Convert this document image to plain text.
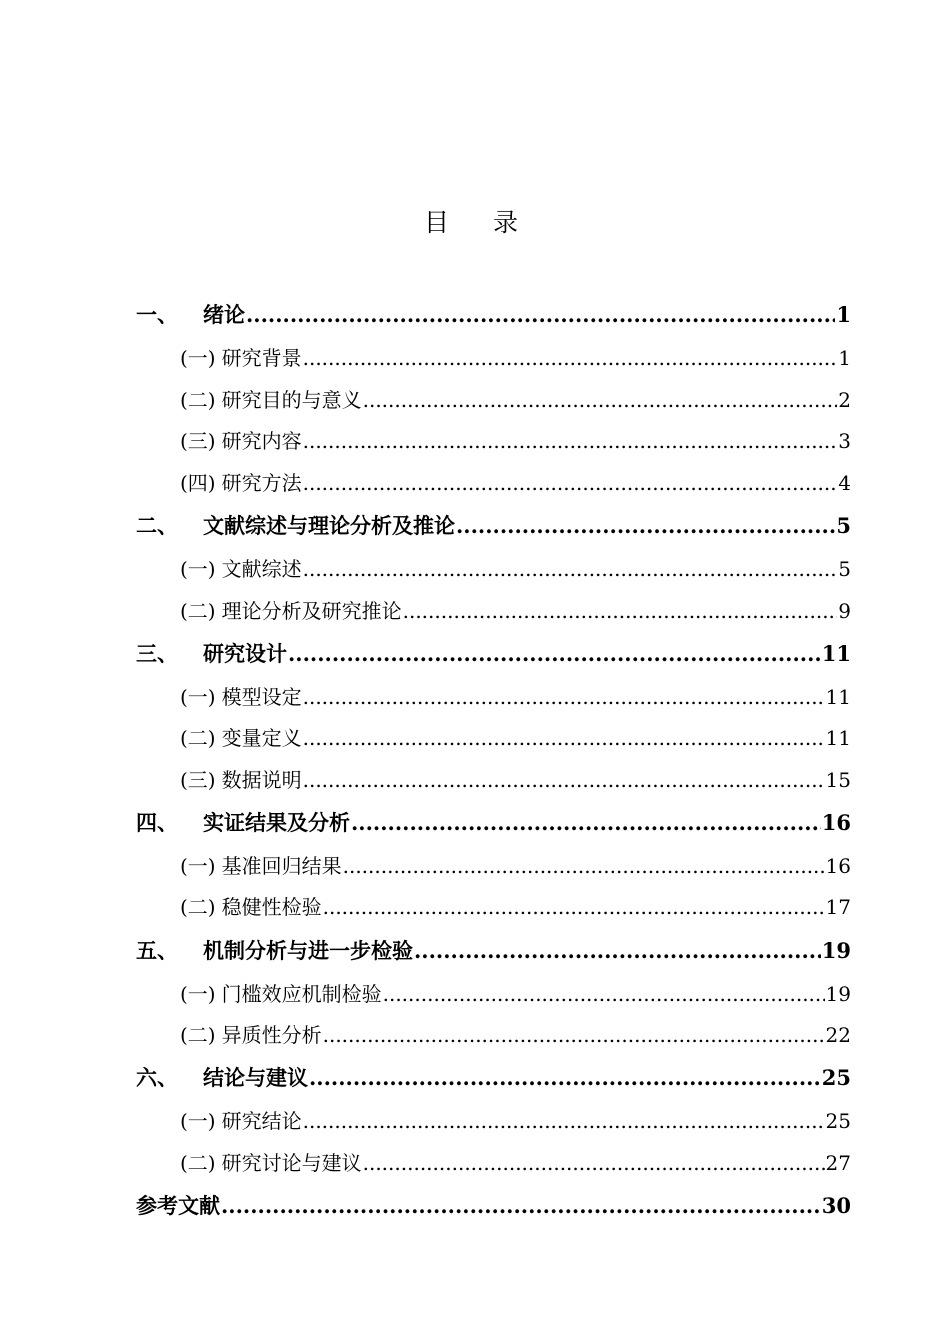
目录
一、	绪论 .....	1
(一) 研究背景 .....	1
(二) 研究目的与意义 .....	2
(三) 研究内容 .....	3
(四) 研究方法 .....	4
二、	文献综述与理论分析及推论 .....	5
(一) 文献综述 .....	5
(二) 理论分析及研究推论 .....	9
三、	研究设计 .....	11
(一) 模型设定 .....	11
(二) 变量定义 .....	11
(三) 数据说明 .....	15
四、	实证结果及分析 .....	16
(一) 基准回归结果 .....	16
(二) 稳健性检验 .....	17
五、	机制分析与进一步检验 .....	19
(一) 门槛效应机制检验 .....	19
(二) 异质性分析 .....	22
六、	结论与建议 .....	25
(一) 研究结论 .....	25
(二) 研究讨论与建议 .....	27
参考文献 .....	30
